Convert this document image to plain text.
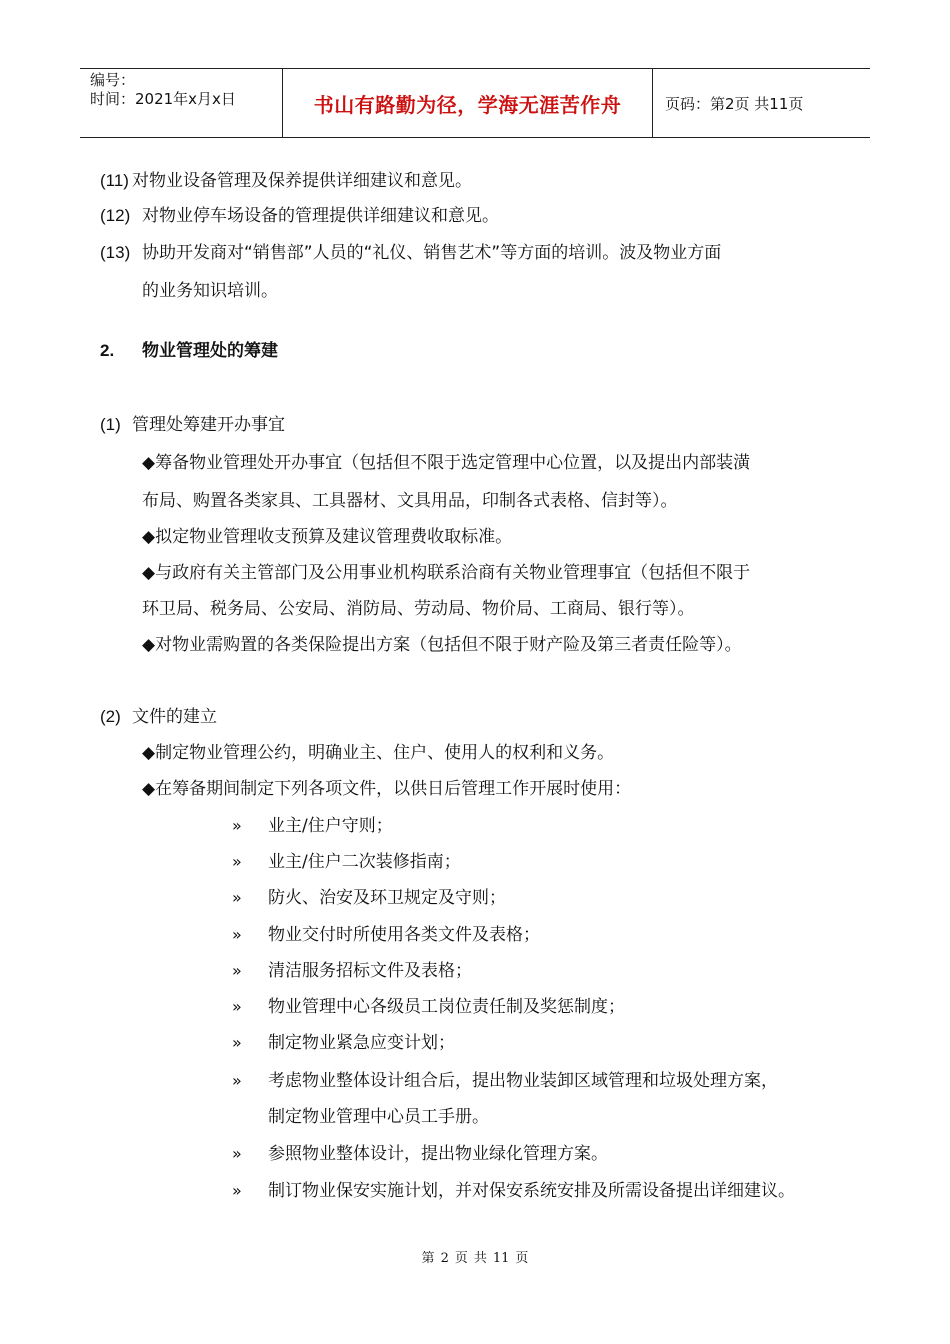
编号：
时间：2021年x月x日	书山有路勤为径，学海无涯苦作舟	页码：第2页 共11页
(11) 对物业设备管理及保养提供详细建议和意见。
(12) 对物业停车场设备的管理提供详细建议和意见。
(13) 协助开发商对“销售部”人员的“礼仪、销售艺术”等方面的培训。波及物业方面
的业务知识培训。
2. 物业管理处的筹建
(1) 管理处筹建开办事宜
◆筹备物业管理处开办事宜（包括但不限于选定管理中心位置，以及提出内部装潢
布局、购置各类家具、工具器材、文具用品，印制各式表格、信封等）。
◆拟定物业管理收支预算及建议管理费收取标准。
◆与政府有关主管部门及公用事业机构联系洽商有关物业管理事宜（包括但不限于
环卫局、税务局、公安局、消防局、劳动局、物价局、工商局、银行等）。
◆对物业需购置的各类保险提出方案（包括但不限于财产险及第三者责任险等）。
(2) 文件的建立
◆制定物业管理公约，明确业主、住户、使用人的权利和义务。
◆在筹备期间制定下列各项文件，以供日后管理工作开展时使用：
» 业主/住户守则；
» 业主/住户二次装修指南；
» 防火、治安及环卫规定及守则；
» 物业交付时所使用各类文件及表格；
» 清洁服务招标文件及表格；
» 物业管理中心各级员工岗位责任制及奖惩制度；
» 制定物业紧急应变计划；
» 考虑物业整体设计组合后，提出物业装卸区域管理和垃圾处理方案，
制定物业管理中心员工手册。
» 参照物业整体设计，提出物业绿化管理方案。
» 制订物业保安实施计划，并对保安系统安排及所需设备提出详细建议。
第 2 页 共 11 页
